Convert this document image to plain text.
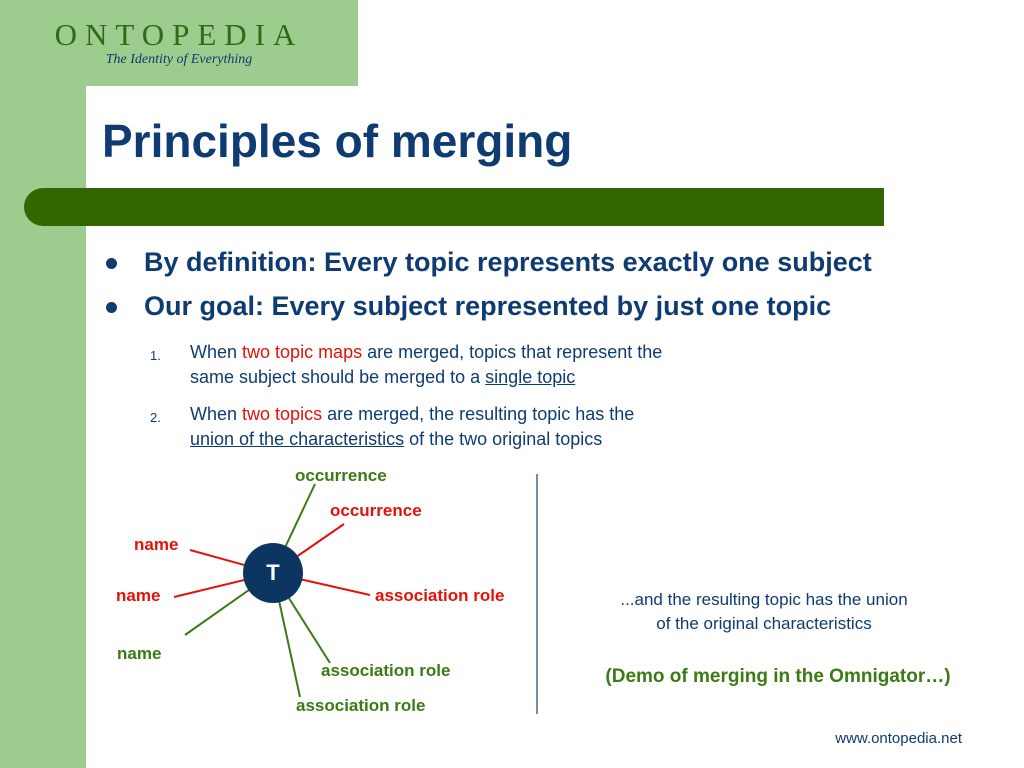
ONTOPEDIA
The Identity of Everything
Principles of merging
By definition: Every topic represents exactly one subject
Our goal: Every subject represented by just one topic
1. When two topic maps are merged, topics that represent the
same subject should be merged to a single topic
2. When two topics are merged, the resulting topic has the
union of the characteristics of the two original topics
T
occurrence
occurrence
name
name
name
association role
association role
association role
...and the resulting topic has the union
of the original characteristics
(Demo of merging in the Omnigator…)
www.ontopedia.net
